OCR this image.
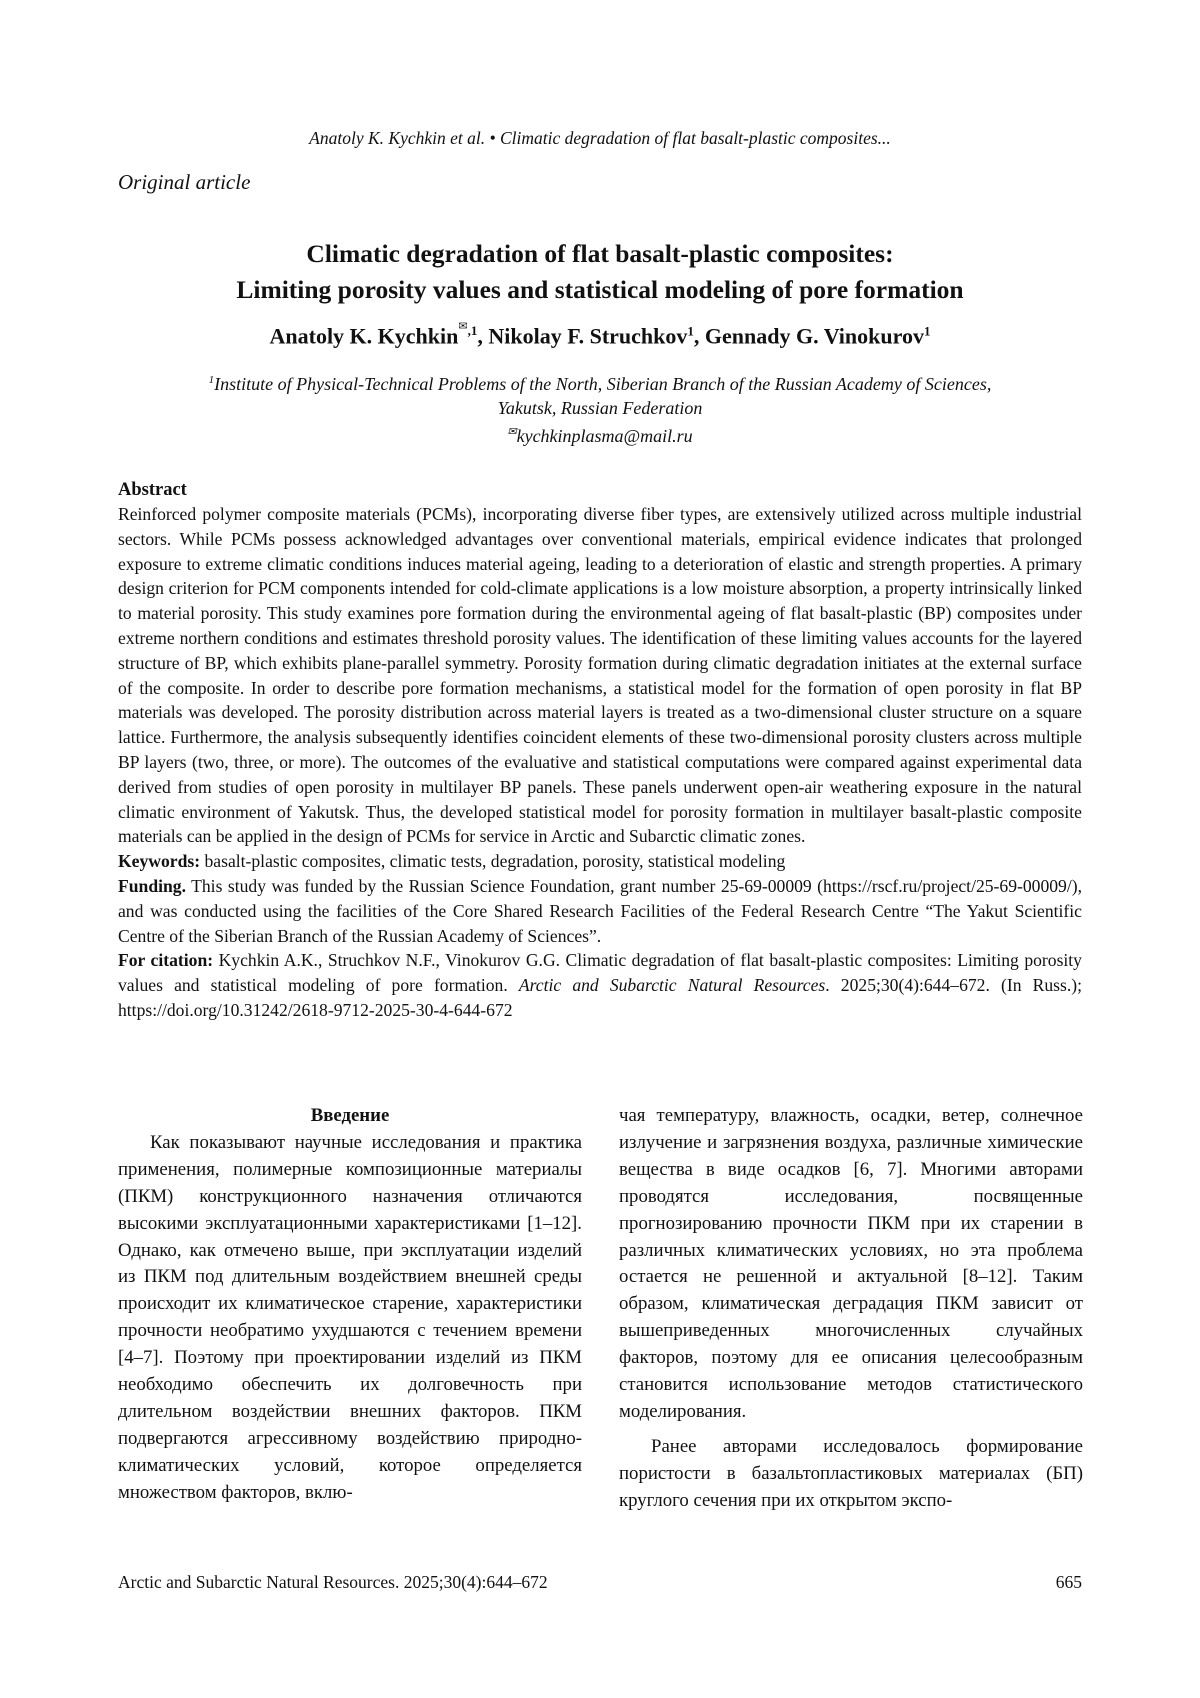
Anatoly K. Kychkin et al. • Climatic degradation of flat basalt-plastic composites...
Original article
Climatic degradation of flat basalt-plastic composites:
Limiting porosity values and statistical modeling of pore formation
Anatoly K. Kychkin$^{^✉,1}$, Nikolay F. Struchkov$^1$, Gennady G. Vinokurov$^1$
$^1$Institute of Physical-Technical Problems of the North, Siberian Branch of the Russian Academy of Sciences,
Yakutsk, Russian Federation
✉kychkinplasma@mail.ru
Abstract

Reinforced polymer composite materials (PCMs), incorporating diverse fiber types, are extensively utilized across multiple industrial sectors. While PCMs possess acknowledged advantages over conventional materials, empirical evidence indicates that prolonged exposure to extreme climatic conditions induces material ageing, leading to a deterioration of elastic and strength properties. A primary design criterion for PCM components intended for cold-climate applications is a low moisture absorption, a property intrinsically linked to material porosity. This study examines pore formation during the environmental ageing of flat basalt-plastic (BP) composites under extreme northern conditions and estimates threshold porosity values. The identification of these limiting values accounts for the layered structure of BP, which exhibits plane-parallel symmetry. Porosity formation during climatic degradation initiates at the external surface of the composite. In order to describe pore formation mechanisms, a statistical model for the formation of open porosity in flat BP materials was developed. The porosity distribution across material layers is treated as a two-dimensional cluster structure on a square lattice. Furthermore, the analysis subsequently identifies coincident elements of these two-dimensional porosity clusters across multiple BP layers (two, three, or more). The outcomes of the evaluative and statistical computations were compared against experimental data derived from studies of open porosity in multilayer BP panels. These panels underwent open-air weathering exposure in the natural climatic environment of Yakutsk. Thus, the developed statistical model for porosity formation in multilayer basalt-plastic composite materials can be applied in the design of PCMs for service in Arctic and Subarctic climatic zones.

Keywords: basalt-plastic composites, climatic tests, degradation, porosity, statistical modeling

Funding. This study was funded by the Russian Science Foundation, grant number 25-69-00009 (https://rscf.ru/project/25-69-00009/), and was conducted using the facilities of the Core Shared Research Facilities of the Federal Research Centre “The Yakut Scientific Centre of the Siberian Branch of the Russian Academy of Sciences”.

For citation: Kychkin A.K., Struchkov N.F., Vinokurov G.G. Climatic degradation of flat basalt-plastic composites: Limiting porosity values and statistical modeling of pore formation. Arctic and Subarctic Natural Resources. 2025;30(4):644–672. (In Russ.); https://doi.org/10.31242/2618-9712-2025-30-4-644-672

Введение

Как показывают научные исследования и практика применения, полимерные композиционные материалы (ПКМ) конструкционного назначения отличаются высокими эксплуатационными характеристиками [1–12]. Однако, как отмечено выше, при эксплуатации изделий из ПКМ под длительным воздействием внешней среды происходит их климатическое старение, характеристики прочности необратимо ухудшаются с течением времени [4–7]. Поэтому при проектировании изделий из ПКМ необходимо обеспечить их долговечность при длительном воздействии внешних факторов. ПКМ подвергаются агрессивному воздействию природно-климатических условий, которое определяется множеством факторов, вклю-

чая температуру, влажность, осадки, ветер, солнечное излучение и загрязнения воздуха, различные химические вещества в виде осадков [6, 7]. Многими авторами проводятся исследования, посвященные прогнозированию прочности ПКМ при их старении в различных климатических условиях, но эта проблема остается не решенной и актуальной [8–12]. Таким образом, климатическая деградация ПКМ зависит от вышеприведенных многочисленных случайных факторов, поэтому для ее описания целесообразным становится использование методов статистического моделирования.

Ранее авторами исследовалось формирование пористости в базальтопластиковых материалах (БП) круглого сечения при их открытом экспо-

Arctic and Subarctic Natural Resources. 2025;30(4):644–672	665
